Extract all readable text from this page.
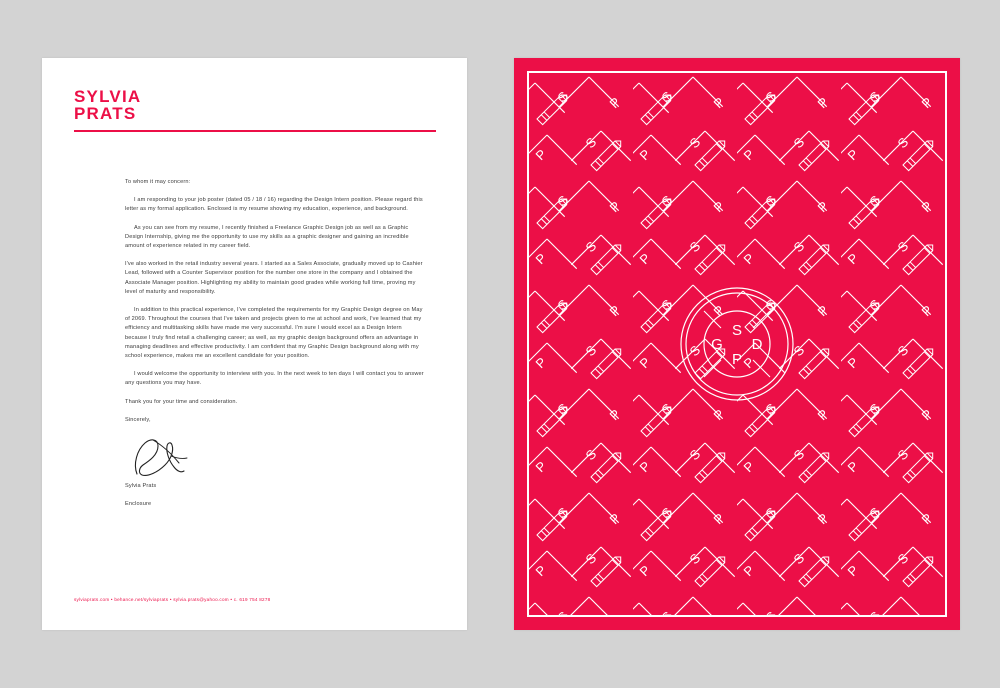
SYLVIA
PRATS

To whom it may concern:

I am responding to your job poster (dated 05 / 18 / 16) regarding the Design Intern position. Please regard this letter as my formal application. Enclosed is my resume showing my education, experience, and background.

As you can see from my resume, I recently finished a Freelance Graphic Design job as well as a Graphic Design Internship, giving me the opportunity to use my skills as a graphic designer and gaining an incredible amount of experience related in my career field.

I've also worked in the retail industry several years. I started as a Sales Associate, gradually moved up to Cashier Lead, followed with a Counter Supervisor position for the number one store in the company and I obtained the Associate Manager position. Highlighting my ability to maintain good grades while working full time, proving my level of maturity and responsibility.

In addition to this practical experience, I've completed the requirements for my Graphic Design degree on May of 2069. Throughout the courses that I've taken and projects given to me at school and work, I've learned that my efficiency and multitasking skills have made me very successful. I'm sure I would excel as a Design Intern because I truly find retail a challenging career; as well, as my graphic design background offers an advantage in managing deadlines and effective productivity. I am confident that my Graphic Design background along with my school experience, makes me an excellent candidate for your position.

I would welcome the opportunity to interview with you. In the next week to ten days I will contact you to answer any questions you may have.

Thank you for your time and consideration.

Sincerely,

Sylvia Prats

Enclosure

sylviaprats.com • behance.net/sylviaprats • sylvia.prats@yahoo.com • c. 619 754 8278
S
G D
P
